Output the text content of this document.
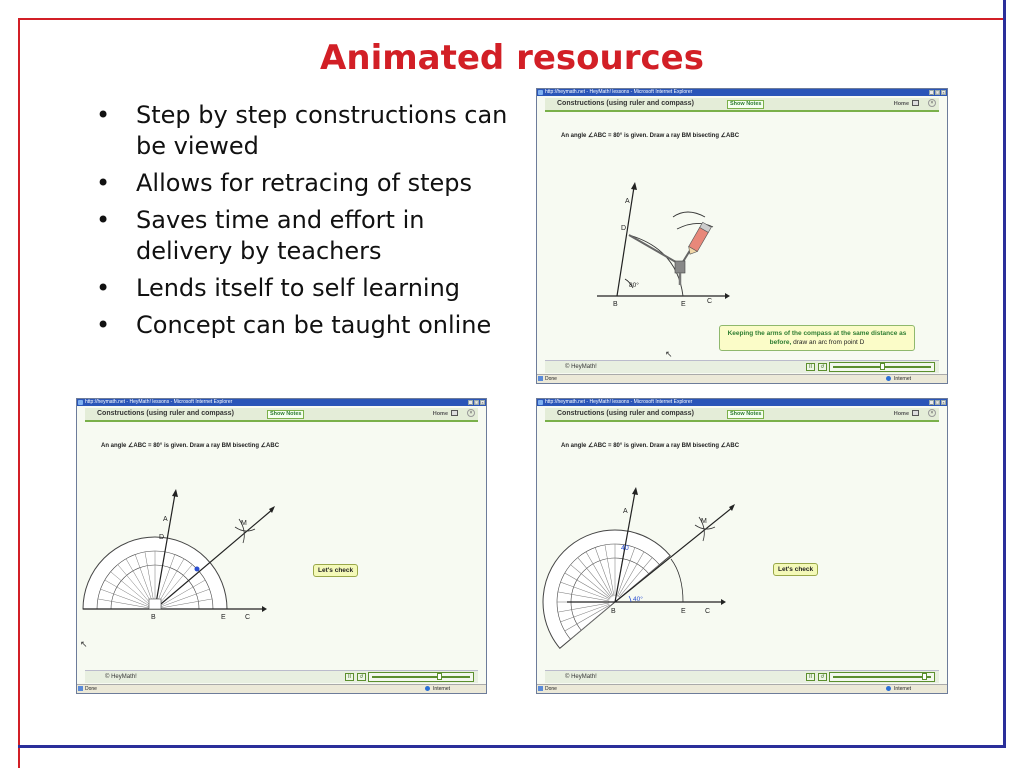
Animated resources
• Step by step constructions can be viewed
• Allows for retracing of steps
• Saves time and effort in delivery by teachers
• Lends itself to self learning
• Concept can be taught online
http://heymath.net - HeyMath! lessons - Microsoft Internet Explorer	_ □ ×
Constructions (using ruler and compass)	Show Notes	Home	×
An angle ∠ABC = 80° is given. Draw a ray BM bisecting ∠ABC
A
D
B	E	C
80°
Keeping the arms of the compass at the same distance as before, draw an arc from point D
↖
© HeyMath!	II	↺
Done	Internet
http://heymath.net - HeyMath! lessons - Microsoft Internet Explorer	_ □ ×
Constructions (using ruler and compass)	Show Notes	Home	×
An angle ∠ABC = 80° is given. Draw a ray BM bisecting ∠ABC
A
D
M
B	E	C
Let's check
↖
© HeyMath!	II	↺
Done	Internet
http://heymath.net - HeyMath! lessons - Microsoft Internet Explorer	_ □ ×
Constructions (using ruler and compass)	Show Notes	Home	×
An angle ∠ABC = 80° is given. Draw a ray BM bisecting ∠ABC
40
40°
A
M
B	E	C
Let's check
© HeyMath!	II	↺
Done	Internet
